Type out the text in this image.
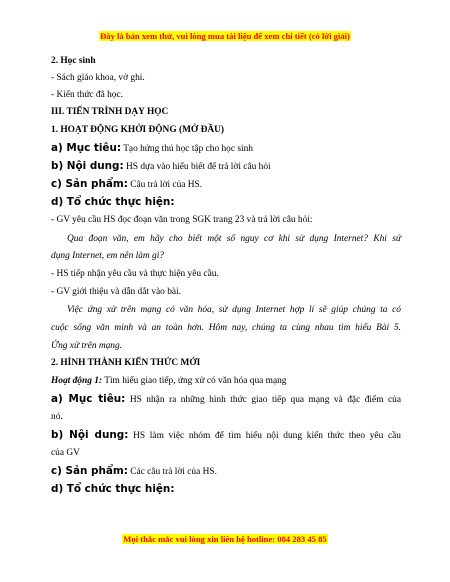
Đây là bản xem thử, vui lòng mua tài liệu để xem chi tiết (có lời giải)
2. Học sinh
- Sách giáo khoa, vở ghi.
- Kiến thức đã học.
III. TIẾN TRÌNH DẠY HỌC
1. HOẠT ĐỘNG KHỞI ĐỘNG (MỞ ĐẦU)
a) Mục tiêu: Tạo hứng thú học tập cho học sinh
b) Nội dung: HS dựa vào hiểu biết để trả lời câu hỏi
c) Sản phẩm: Câu trả lời của HS.
d) Tổ chức thực hiện:
- GV yêu cầu HS đọc đoạn văn trong SGK trang 23 và trả lời câu hỏi:
Qua đoạn văn, em hãy cho biết một số nguy cơ khi sử dụng Internet? Khi sử
dụng Internet, em nên làm gì?
- HS tiếp nhận yêu cầu và thực hiện yêu cầu.
- GV giới thiệu và dẫn dắt vào bài.
Việc ứng xử trên mạng có văn hóa, sử dụng Internet hợp lí sẽ giúp chúng ta có
cuộc sống văn minh và an toàn hơn. Hôm nay, chúng ta cùng nhau tìm hiểu Bài 5.
Ứng xử trên mạng.
2. HÌNH THÀNH KIẾN THỨC MỚI
Hoạt động 1: Tìm hiểu giao tiếp, ứng xử có văn hóa qua mạng
a) Mục tiêu: HS nhận ra những hình thức giao tiếp qua mạng và đặc điểm của
nó.
b) Nội dung: HS làm việc nhóm để tìm hiểu nội dung kiến thức theo yêu cầu
của GV
c) Sản phẩm: Các câu trả lời của HS.
d) Tổ chức thực hiện:
Mọi thắc mắc vui lòng xin liên hệ hotline: 084 283 45 85
